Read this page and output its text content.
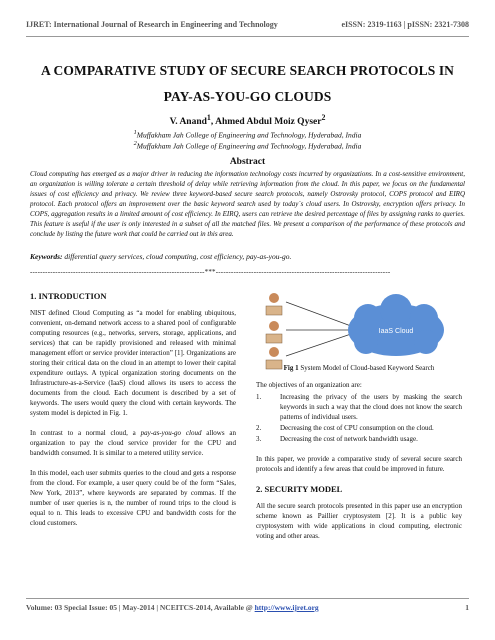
IJRET: International Journal of Research in Engineering and Technology	eISSN: 2319-1163 | pISSN: 2321-7308
A COMPARATIVE STUDY OF SECURE SEARCH PROTOCOLS IN PAY-AS-YOU-GO CLOUDS
V. Anand$^1$, Ahmed Abdul Moiz Qyser$^2$
$^1$Muffakham Jah College of Engineering and Technology, Hyderabad, India
$^2$Muffakham Jah College of Engineering and Technology, Hyderabad, India
Abstract
Cloud computing has emerged as a major driver in reducing the information technology costs incurred by organizations. In a cost-sensitive environment, an organization is willing tolerate a certain threshold of delay while retrieving information from the cloud. In this paper, we focus on the fundamental issues of cost efficiency and privacy. We review three keyword-based secure search protocols, namely Ostrovsky protocol, COPS protocol and EIRQ protocol. Each protocol offers an improvement over the basic keyword search used by today`s cloud users. In Ostrovsky, encryption offers privacy. In COPS, aggregation results in a limited amount of cost efficiency. In EIRQ, users can retrieve the desired percentage of files by assigning ranks to queries. This feature is useful if the user is only interested in a subset of all the matched files. We present a comparison of the performance of these protocols and conclude by listing the future work that could be carried out in this area.
Keywords: differential query services, cloud computing, cost efficiency, pay-as-you-go.
---------------------------------------------------------------------***---------------------------------------------------------------------
1. INTRODUCTION

NIST defined Cloud Computing as “a model for enabling ubiquitous, convenient, on-demand network access to a shared pool of configurable computing resources (e.g., networks, servers, storage, applications, and services) that can be rapidly provisioned and released with minimal management effort or service provider interaction” [1]. Organizations are storing their critical data on the cloud in an attempt to lower their capital expenditure outlays. A typical organization storing documents on the Infrastructure-as-a-Service (IaaS) cloud allows its users to access the documents from the cloud. Each document is described by a set of keywords. The users would query the cloud with certain keywords. The system model is depicted in Fig. 1.

In contrast to a normal cloud, a pay-as-you-go cloud allows an organization to pay the cloud service provider for the CPU and bandwidth consumed. It is similar to a metered utility service.

In this model, each user submits queries to the cloud and gets a response from the cloud. For example, a user query could be of the form “Sales, New York, 2013”, where keywords are separated by commas. If the number of user queries is n, the number of round trips to the cloud is equal to n. This leads to excessive CPU and bandwidth costs for the cloud customers.

IaaS Cloud
Fig 1 System Model of Cloud-based Keyword Search

The objectives of an organization are:

1.	Increasing the privacy of the users by masking the search keywords in such a way that the cloud does not know the search patterns of individual users.
2.	Decreasing the cost of CPU consumption on the cloud.
3.	Decreasing the cost of network bandwidth usage.

In this paper, we provide a comparative study of several secure search protocols and identify a few areas that could be improved in future.

2. SECURITY MODEL

All the secure search protocols presented in this paper use an encryption scheme known as Paillier cryptosystem [2]. It is a public key cryptosystem with wide applications in cloud computing, electronic voting and other areas.

Volume: 03 Special Issue: 05 | May-2014 | NCEITCS-2014, Available @ http://www.ijret.org	1
